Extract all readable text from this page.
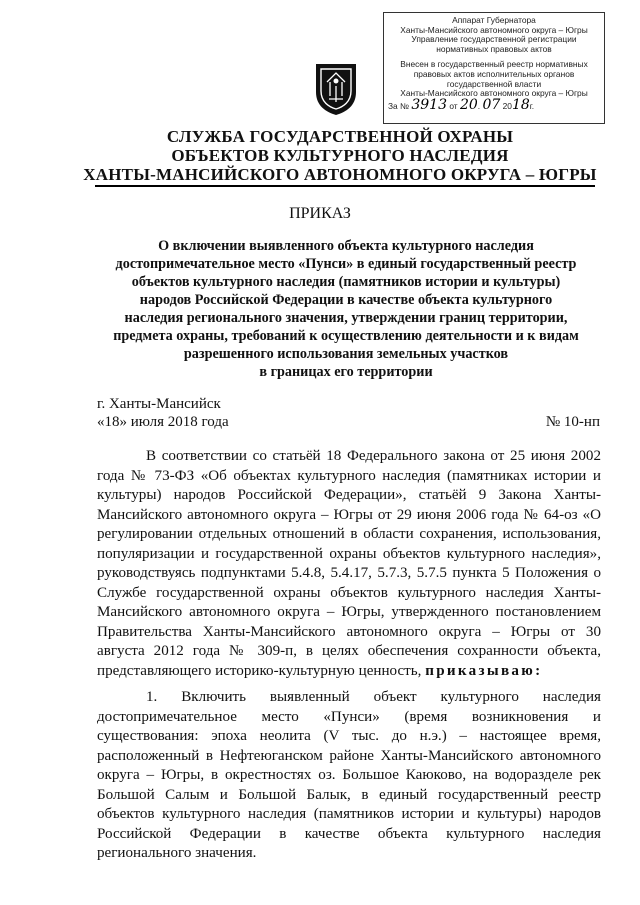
Аппарат Губернатора
Ханты-Мансийского автономного округа – Югры
Управление государственной регистрации
нормативных правовых актов
Внесен в государственный реестр нормативных
правовых актов исполнительных органов
государственной власти
Ханты-Мансийского автономного округа – Югры
За № 3913 от 20. 07 2018г.
СЛУЖБА ГОСУДАРСТВЕННОЙ ОХРАНЫ
ОБЪЕКТОВ КУЛЬТУРНОГО НАСЛЕДИЯ
ХАНТЫ-МАНСИЙСКОГО АВТОНОМНОГО ОКРУГА – ЮГРЫ
ПРИКАЗ
О включении выявленного объекта культурного наследия
достопримечательное место «Пунси» в единый государственный реестр
объектов культурного наследия (памятников истории и культуры)
народов Российской Федерации в качестве объекта культурного
наследия регионального значения, утверждении границ территории,
предмета охраны, требований к осуществлению деятельности и к видам
разрешенного использования земельных участков
в границах его территории
г. Ханты-Мансийск
«18» июля 2018 года	№ 10-нп
В соответствии со статьёй 18 Федерального закона от 25 июня 2002 года № 73-ФЗ «Об объектах культурного наследия (памятниках истории и культуры) народов Российской Федерации», статьёй 9 Закона Ханты-Мансийского автономного округа – Югры от 29 июня 2006 года № 64-оз «О регулировании отдельных отношений в области сохранения, использования, популяризации и государственной охраны объектов культурного наследия», руководствуясь подпунктами 5.4.8, 5.4.17, 5.7.3, 5.7.5 пункта 5 Положения о Службе государственной охраны объектов культурного наследия Ханты-Мансийского автономного округа – Югры, утвержденного постановлением Правительства Ханты-Мансийского автономного округа – Югры от 30 августа 2012 года № 309-п, в целях обеспечения сохранности объекта, представляющего историко-культурную ценность, приказываю:
1. Включить выявленный объект культурного наследия достопримечательное место «Пунси» (время возникновения и существования: эпоха неолита (V тыс. до н.э.) – настоящее время, расположенный в Нефтеюганском районе Ханты-Мансийского автономного округа – Югры, в окрестностях оз. Большое Каюково, на водоразделе рек Большой Салым и Большой Балык, в единый государственный реестр объектов культурного наследия (памятников истории и культуры) народов Российской Федерации в качестве объекта культурного наследия регионального значения.
